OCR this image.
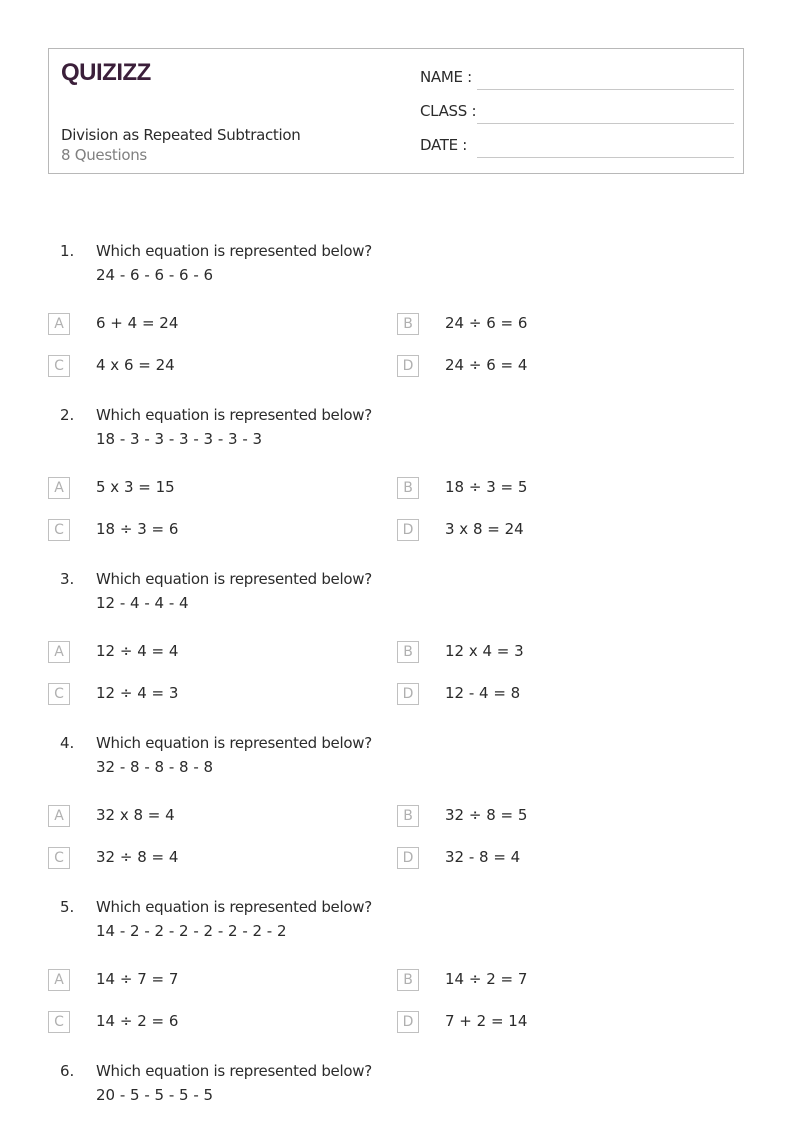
QUIZIZZ
Division as Repeated Subtraction
8 Questions
NAME :
CLASS :
DATE :
1. Which equation is represented below?
24 - 6 - 6 - 6 - 6
A	6 + 4 = 24	B	24 ÷ 6 = 6
C	4 x 6 = 24	D	24 ÷ 6 = 4
2. Which equation is represented below?
18 - 3 - 3 - 3 - 3 - 3 - 3
A	5 x 3 = 15	B	18 ÷ 3 = 5
C	18 ÷ 3 = 6	D	3 x 8 = 24
3. Which equation is represented below?
12 - 4 - 4 - 4
A	12 ÷ 4 = 4	B	12 x 4 = 3
C	12 ÷ 4 = 3	D	12 - 4 = 8
4. Which equation is represented below?
32 - 8 - 8 - 8 - 8
A	32 x 8 = 4	B	32 ÷ 8 = 5
C	32 ÷ 8 = 4	D	32 - 8 = 4
5. Which equation is represented below?
14 - 2 - 2 - 2 - 2 - 2 - 2 - 2
A	14 ÷ 7 = 7	B	14 ÷ 2 = 7
C	14 ÷ 2 = 6	D	7 + 2 = 14
6. Which equation is represented below?
20 - 5 - 5 - 5 - 5
